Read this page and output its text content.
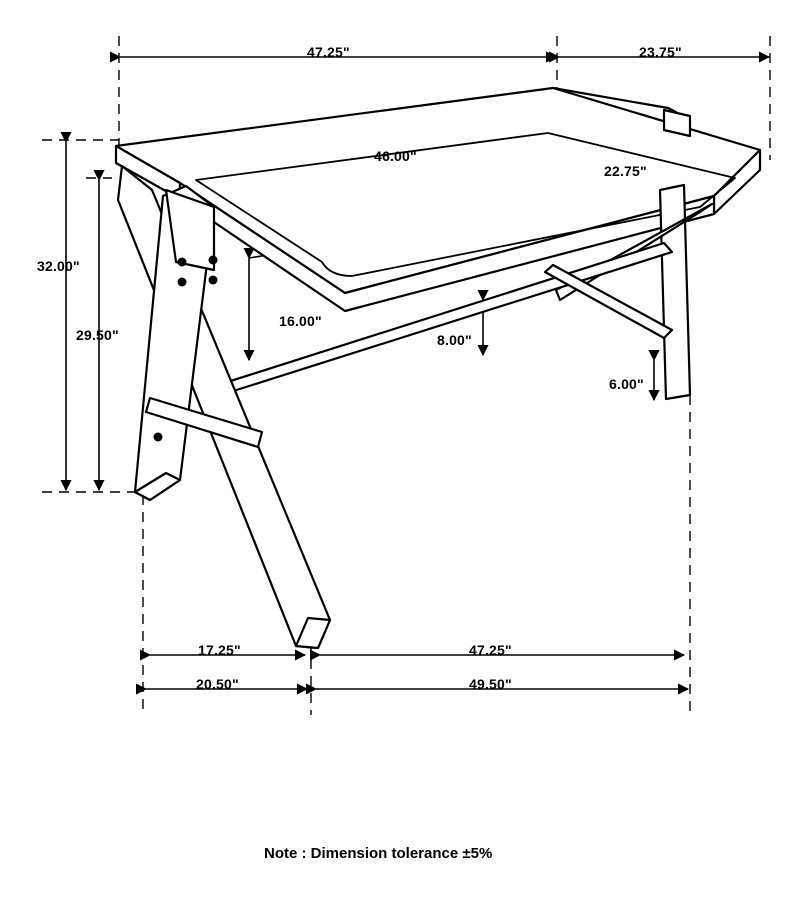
47.25"	23.75"
46.00"
22.75"
32.00"
29.50"
16.00"
8.00"
6.00"
17.25"	47.25"
20.50"	49.50"
Note : Dimension tolerance ±5%
